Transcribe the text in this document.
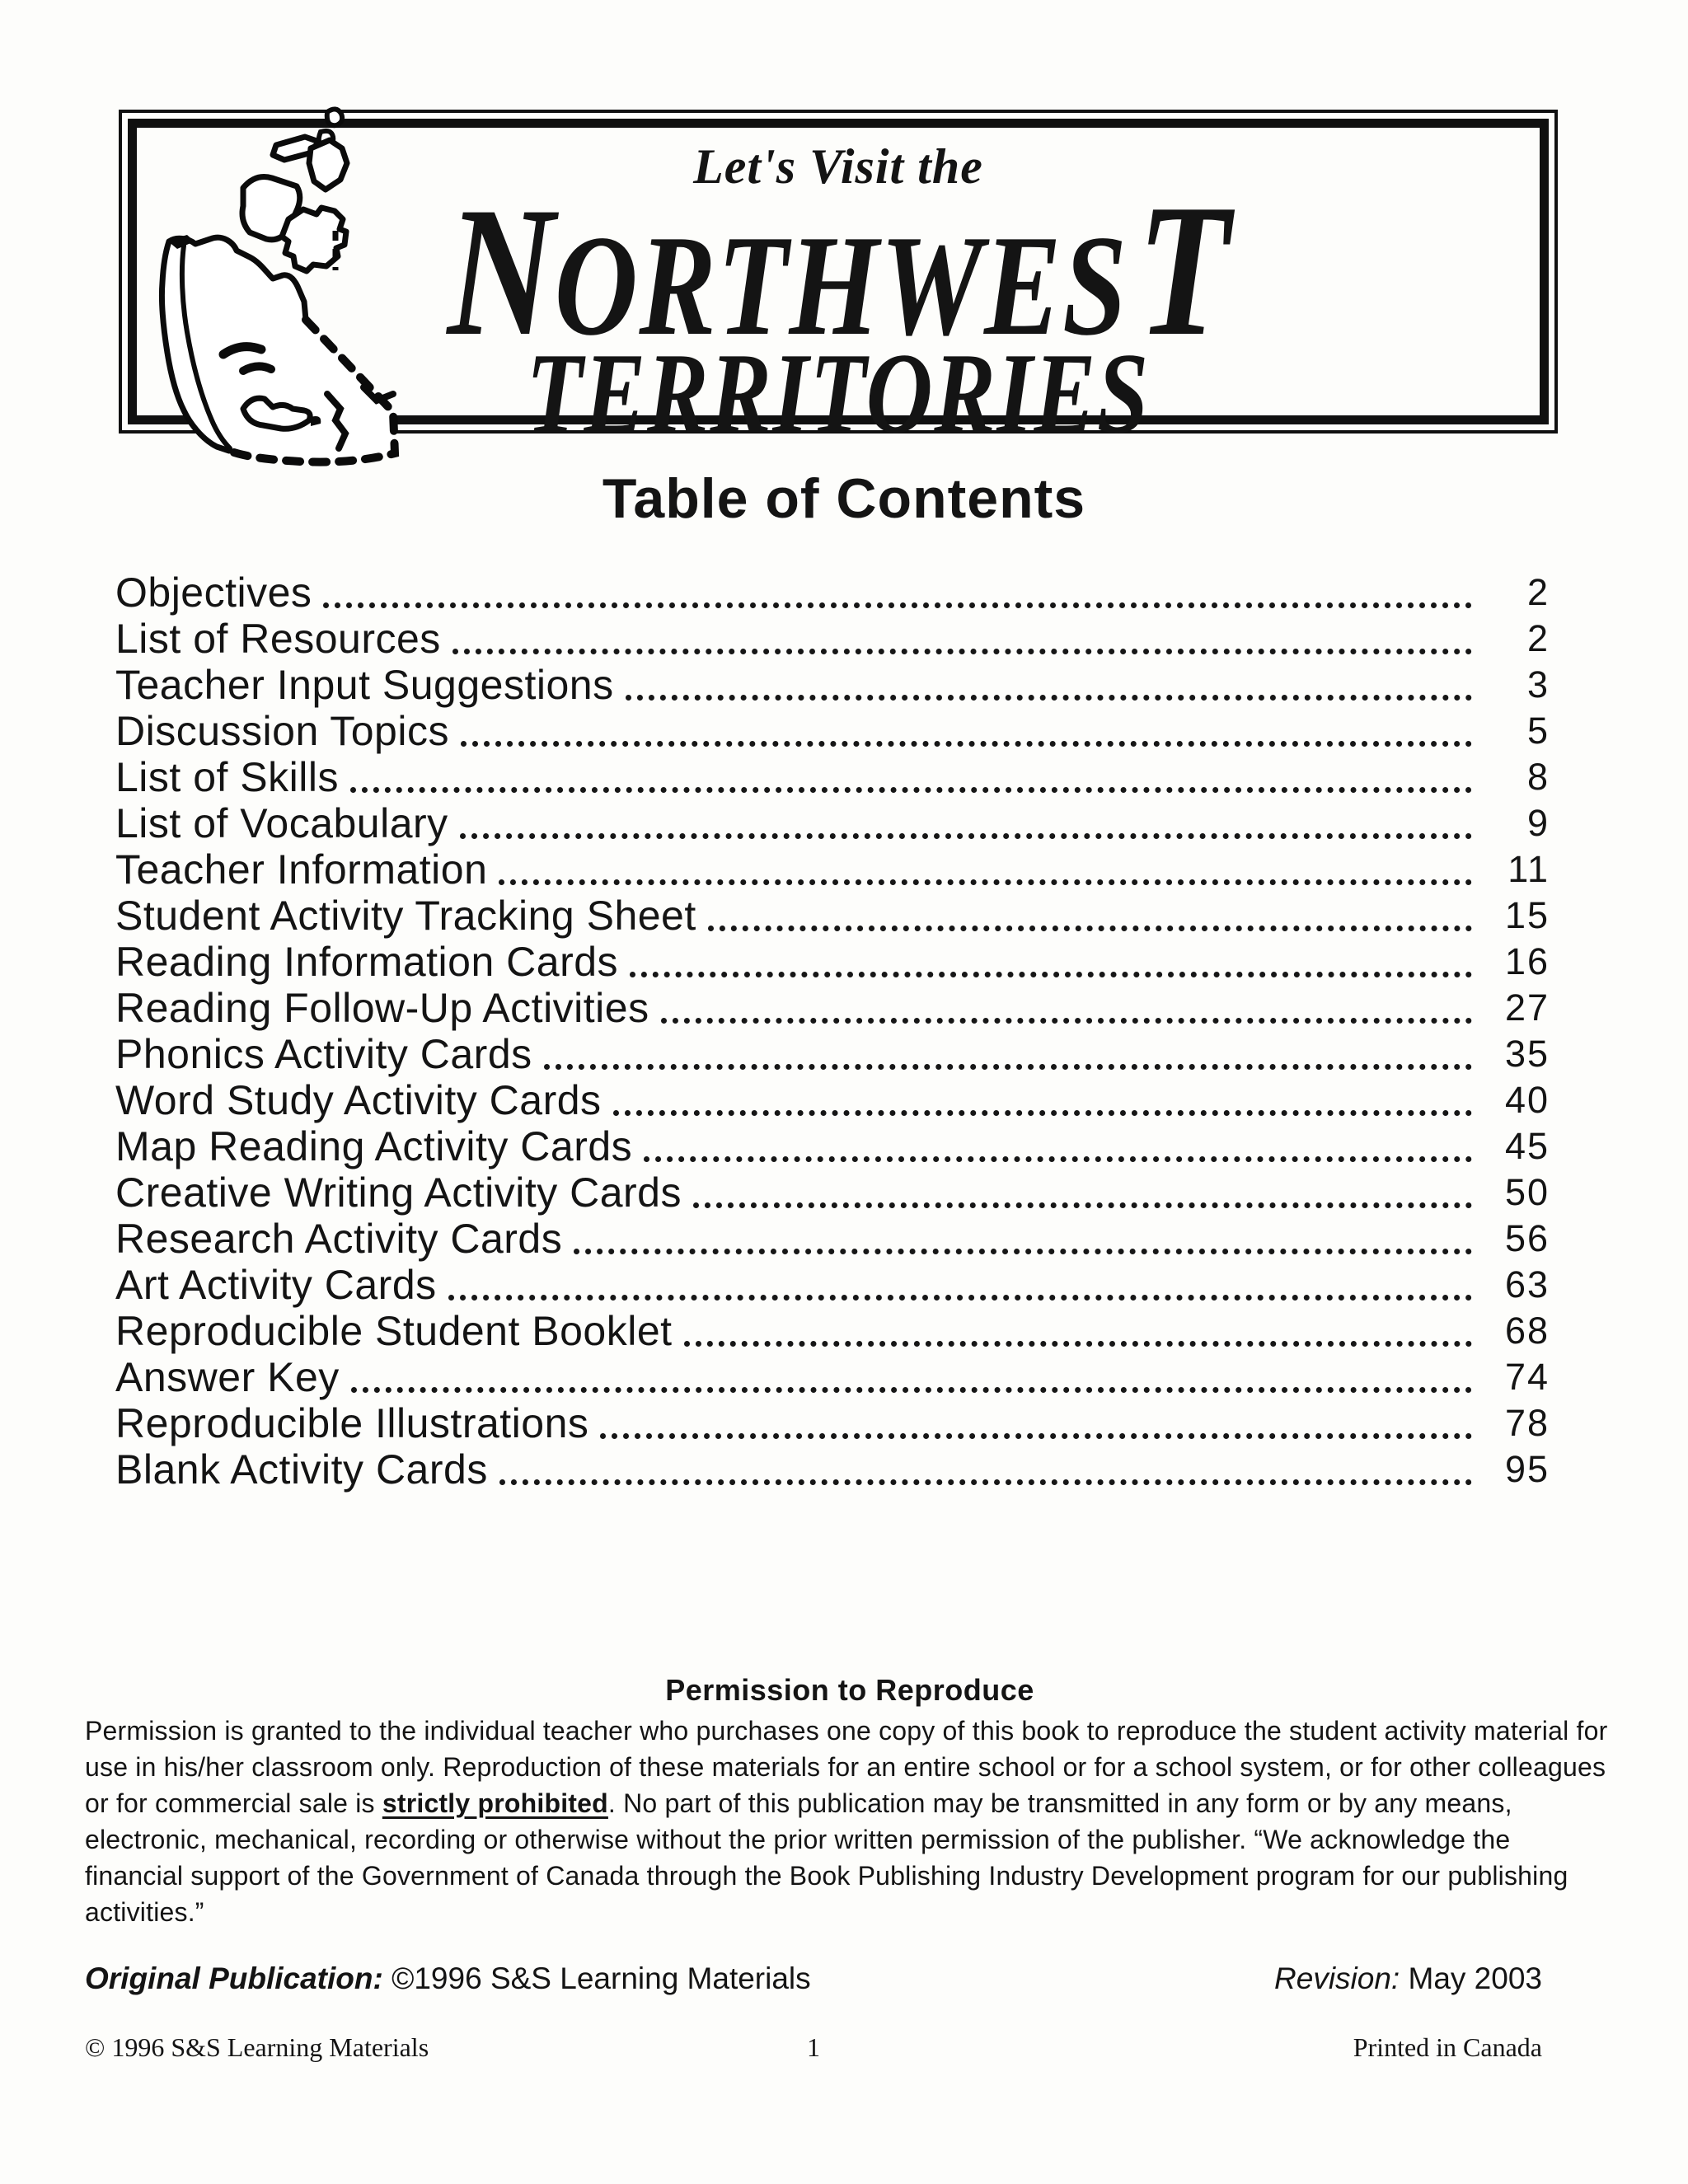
Let's Visit the
NORTHWEST
TERRITORIES
Table of Contents
Objectives	2
List of Resources	2
Teacher Input Suggestions	3
Discussion Topics	5
List of Skills	8
List of Vocabulary	9
Teacher Information	11
Student Activity Tracking Sheet	15
Reading Information Cards	16
Reading Follow-Up Activities	27
Phonics Activity Cards	35
Word Study Activity Cards	40
Map Reading Activity Cards	45
Creative Writing Activity Cards	50
Research Activity Cards	56
Art Activity Cards	63
Reproducible Student Booklet	68
Answer Key	74
Reproducible Illustrations	78
Blank Activity Cards	95
Permission to Reproduce

Permission is granted to the individual teacher who purchases one copy of this book to reproduce the student activity material for use in his/her classroom only. Reproduction of these materials for an entire school or for a school system, or for other colleagues or for commercial sale is strictly prohibited. No part of this publication may be transmitted in any form or by any means, electronic, mechanical, recording or otherwise without the prior written permission of the publisher. “We acknowledge the financial support of the Government of Canada through the Book Publishing Industry Development program for our publishing activities.”

Original Publication: ©1996 S&S Learning Materials	Revision: May 2003
© 1996 S&S Learning Materials	1	Printed in Canada
